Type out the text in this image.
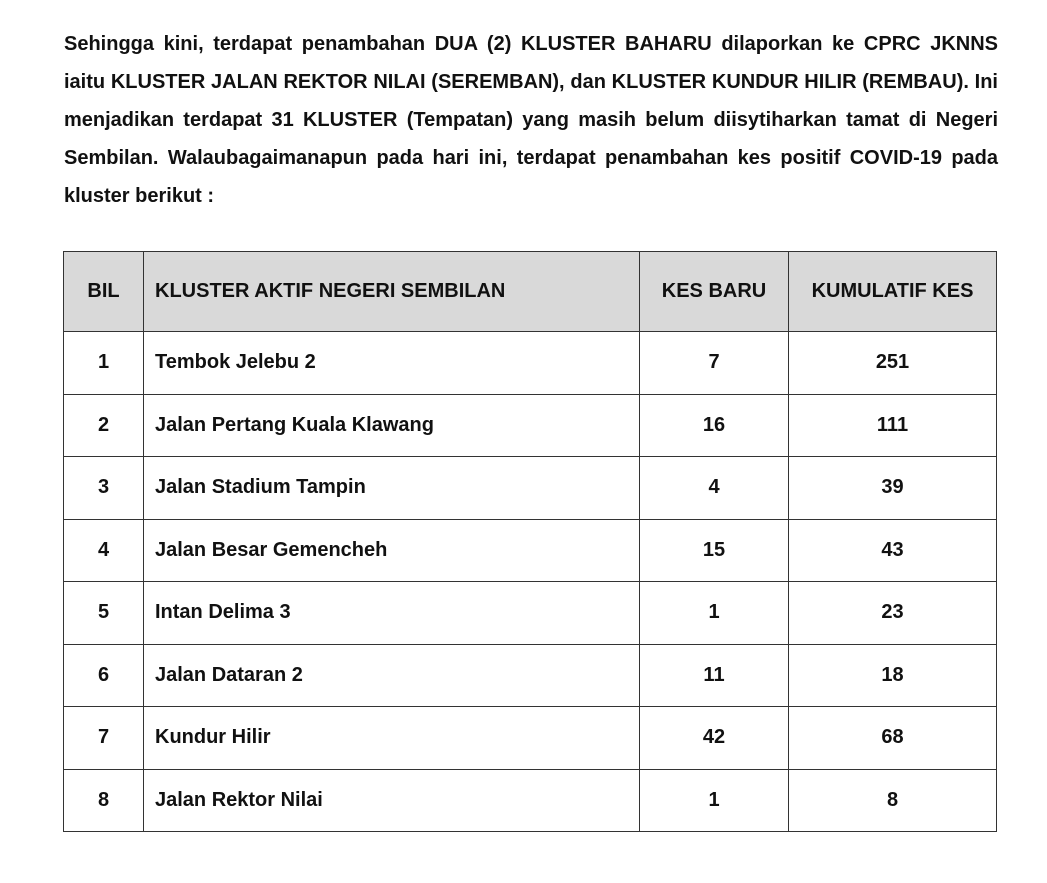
Sehingga kini, terdapat penambahan DUA (2) KLUSTER BAHARU dilaporkan ke CPRC JKNNS iaitu KLUSTER JALAN REKTOR NILAI (SEREMBAN), dan KLUSTER KUNDUR HILIR (REMBAU). Ini menjadikan terdapat 31 KLUSTER (Tempatan) yang masih belum diisytiharkan tamat di Negeri Sembilan. Walaubagaimanapun pada hari ini, terdapat penambahan kes positif COVID-19 pada kluster berikut :

BIL	KLUSTER AKTIF NEGERI SEMBILAN	KES BARU	KUMULATIF KES
1	Tembok Jelebu 2	7	251
2	Jalan Pertang Kuala Klawang	16	111
3	Jalan Stadium Tampin	4	39
4	Jalan Besar Gemencheh	15	43
5	Intan Delima 3	1	23
6	Jalan Dataran 2	11	18
7	Kundur Hilir	42	68
8	Jalan Rektor Nilai	1	8
